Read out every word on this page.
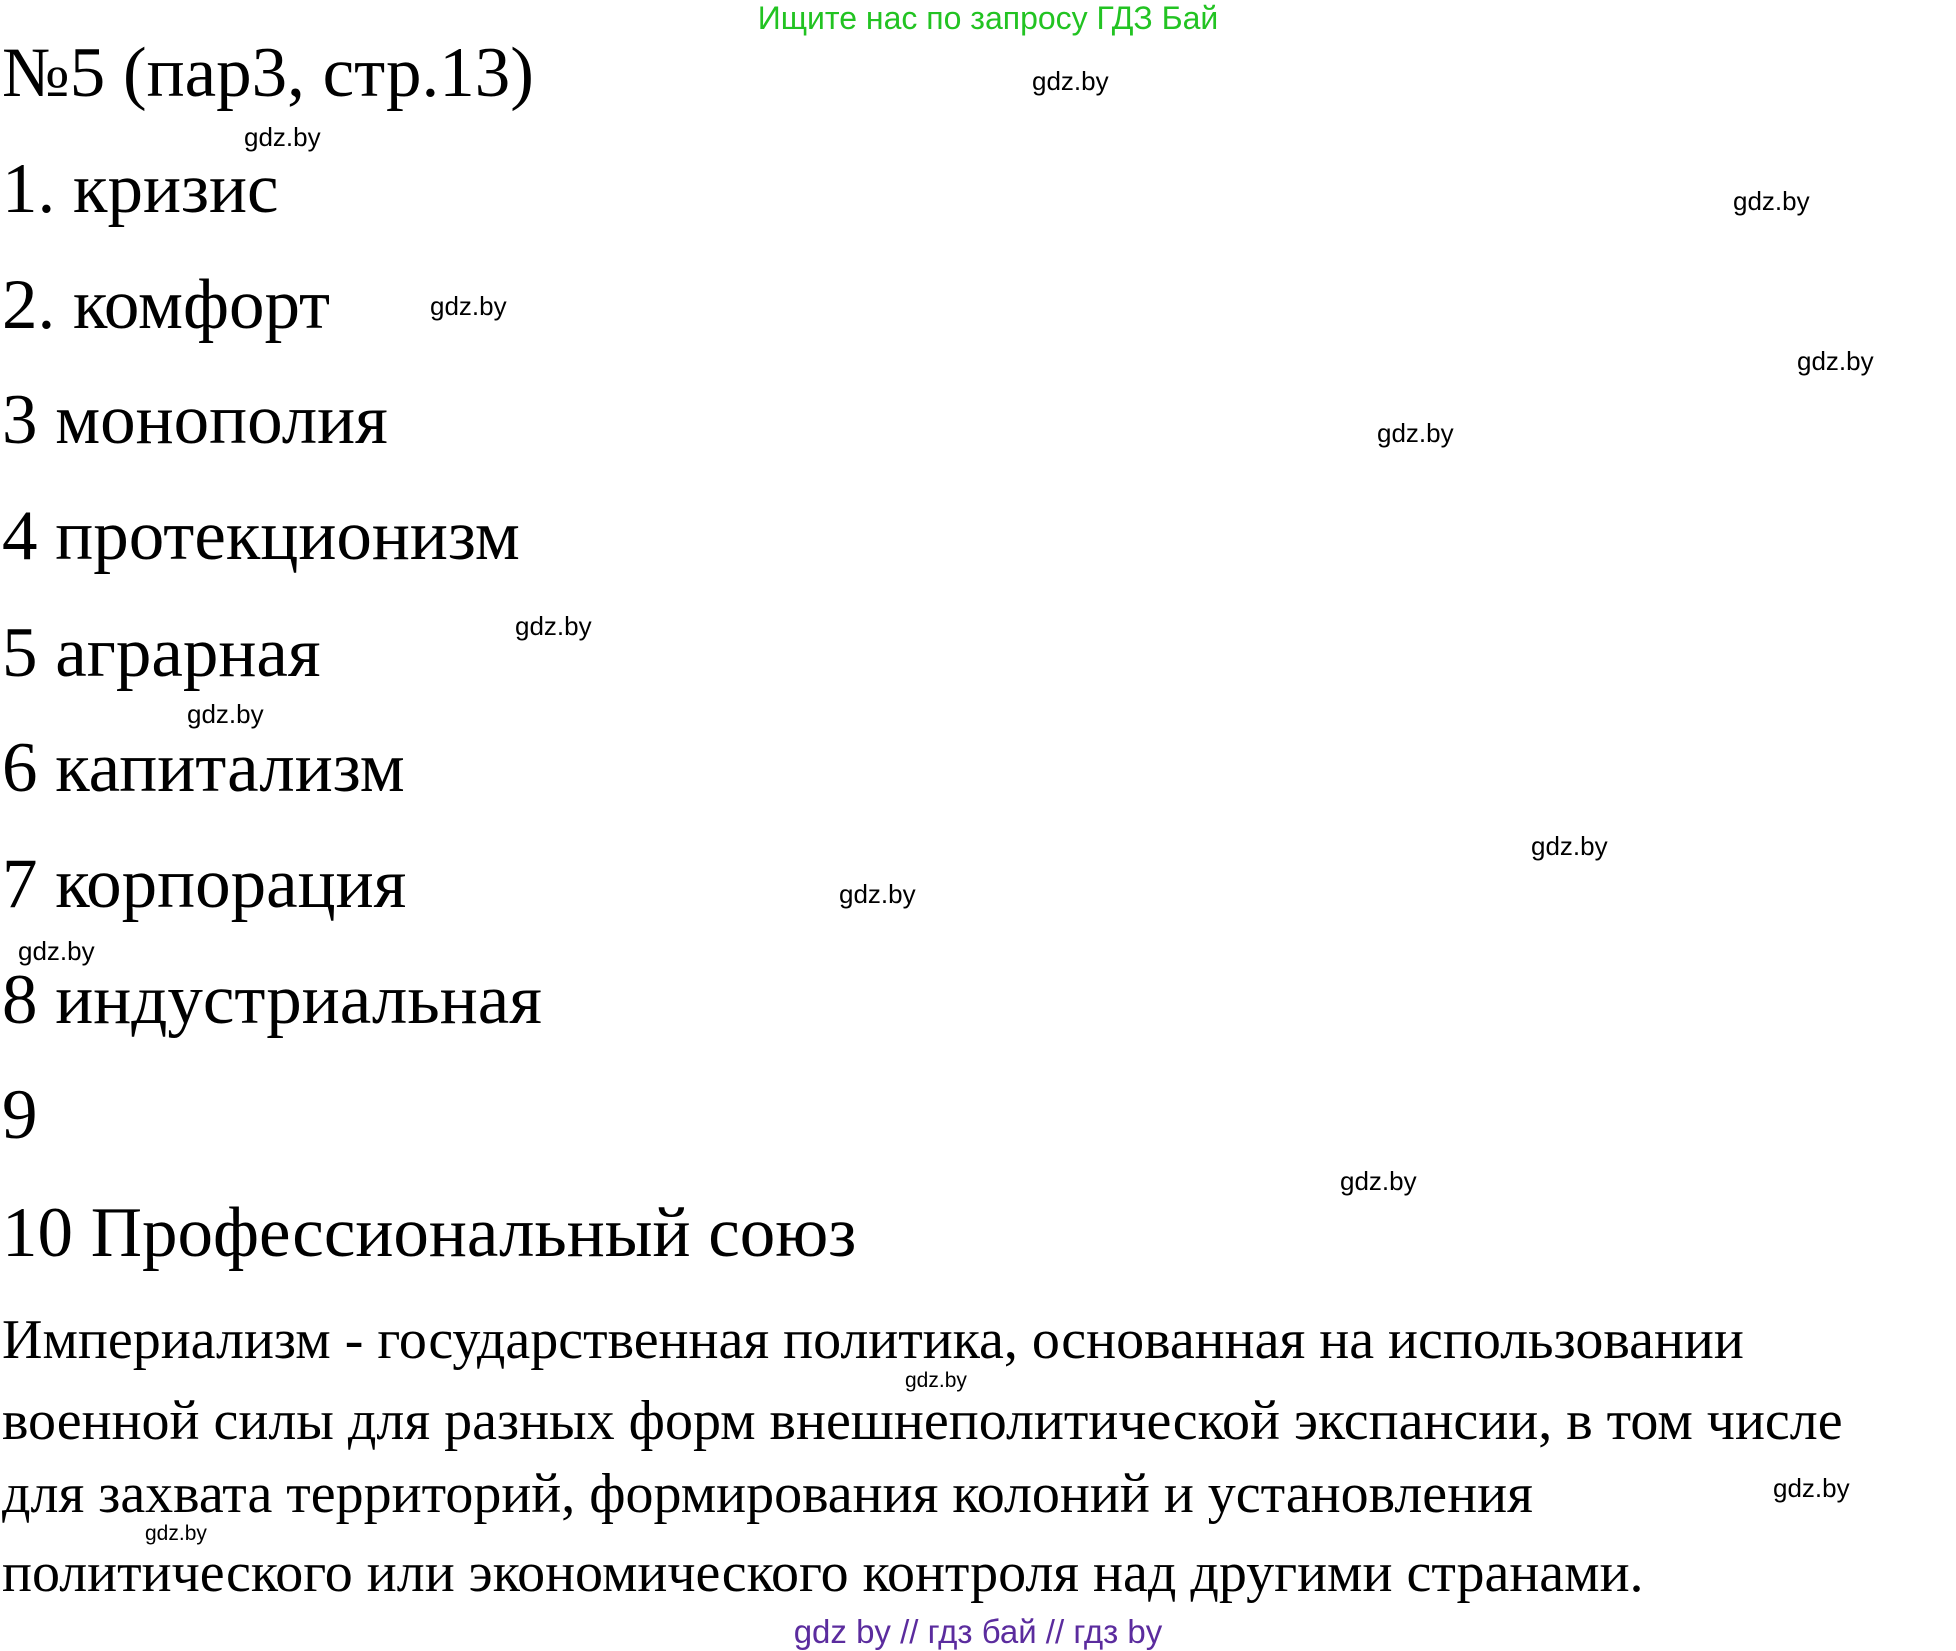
Ищите нас по запросу ГДЗ Бай
№5 (пар3, стр.13)
1. кризис
2. комфорт
3 монополия
4 протекционизм
5 аграрная
6 капитализм
7 корпорация
8 индустриальная
9
10 Профессиональный союз
Империализм - государственная политика, основанная на использовании
военной силы для разных форм внешнеполитической экспансии, в том числе
для захвата территорий, формирования колоний и установления
политического или экономического контроля над другими странами.
gdz.by
gdz.by
gdz.by
gdz.by
gdz.by
gdz.by
gdz.by
gdz.by
gdz.by
gdz.by
gdz.by
gdz.by
gdz.by
gdz.by
gdz.by
gdz by // гдз бай // гдз by
